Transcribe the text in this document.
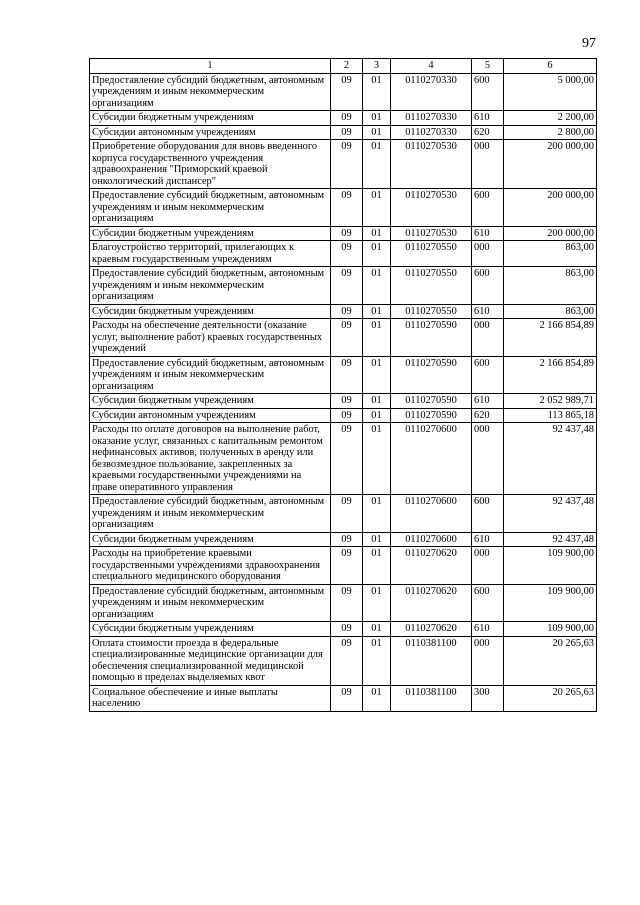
97
1	2	3	4	5	6
Предоставление субсидий бюджетным, автономным учреждениям и иным некоммерческим организациям	09	01	0110270330	600	5 000,00
Субсидии бюджетным учреждениям	09	01	0110270330	610	2 200,00
Субсидии автономным учреждениям	09	01	0110270330	620	2 800,00
Приобретение оборудования для вновь введенного корпуса государственного учреждения здравоохранения "Приморский краевой онкологический диспансер"	09	01	0110270530	000	200 000,00
Предоставление субсидий бюджетным, автономным учреждениям и иным некоммерческим организациям	09	01	0110270530	600	200 000,00
Субсидии бюджетным учреждениям	09	01	0110270530	610	200 000,00
Благоустройство территорий, прилегающих к краевым государственным учреждениям	09	01	0110270550	000	863,00
Предоставление субсидий бюджетным, автономным учреждениям и иным некоммерческим организациям	09	01	0110270550	600	863,00
Субсидии бюджетным учреждениям	09	01	0110270550	610	863,00
Расходы на обеспечение деятельности (оказание услуг, выполнение работ) краевых государственных учреждений	09	01	0110270590	000	2 166 854,89
Предоставление субсидий бюджетным, автономным учреждениям и иным некоммерческим организациям	09	01	0110270590	600	2 166 854,89
Субсидии бюджетным учреждениям	09	01	0110270590	610	2 052 989,71
Субсидии автономным учреждениям	09	01	0110270590	620	113 865,18
Расходы по оплате договоров на выполнение работ, оказание услуг, связанных с капитальным ремонтом нефинансовых активов, полученных в аренду или безвозмездное пользование, закрепленных за краевыми государственными учреждениями на праве оперативного управления	09	01	0110270600	000	92 437,48
Предоставление субсидий бюджетным, автономным учреждениям и иным некоммерческим организациям	09	01	0110270600	600	92 437,48
Субсидии бюджетным учреждениям	09	01	0110270600	610	92 437,48
Расходы на приобретение краевыми государственными учреждениями здравоохранения специального медицинского оборудования	09	01	0110270620	000	109 900,00
Предоставление субсидий бюджетным, автономным учреждениям и иным некоммерческим организациям	09	01	0110270620	600	109 900,00
Субсидии бюджетным учреждениям	09	01	0110270620	610	109 900,00
Оплата стоимости проезда в федеральные специализированные медицинские организации для обеспечения специализированной медицинской помощью в пределах выделяемых квот	09	01	0110381100	000	20 265,63
Социальное обеспечение и иные выплаты населению	09	01	0110381100	300	20 265,63
